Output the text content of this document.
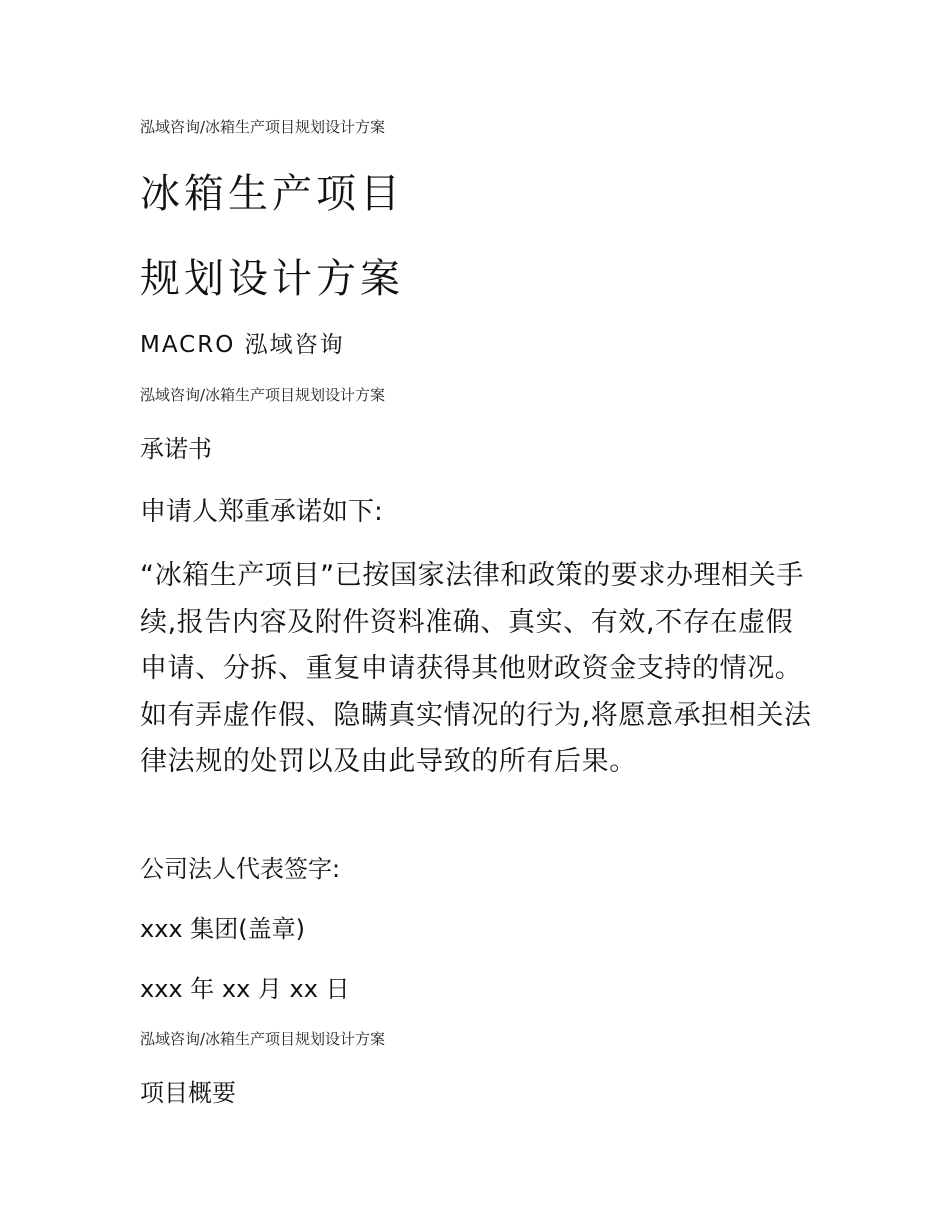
泓域咨询/冰箱生产项目规划设计方案

冰箱生产项目
规划设计方案

MACRO 泓域咨询

泓域咨询/冰箱生产项目规划设计方案

承诺书

申请人郑重承诺如下:

“冰箱生产项目”已按国家法律和政策的要求办理相关手续,报告内容及附件资料准确、真实、有效,不存在虚假申请、分拆、重复申请获得其他财政资金支持的情况。如有弄虚作假、隐瞒真实情况的行为,将愿意承担相关法律法规的处罚以及由此导致的所有后果。

公司法人代表签字:

xxx 集团(盖章)

xxx 年 xx 月 xx 日

泓域咨询/冰箱生产项目规划设计方案

项目概要
